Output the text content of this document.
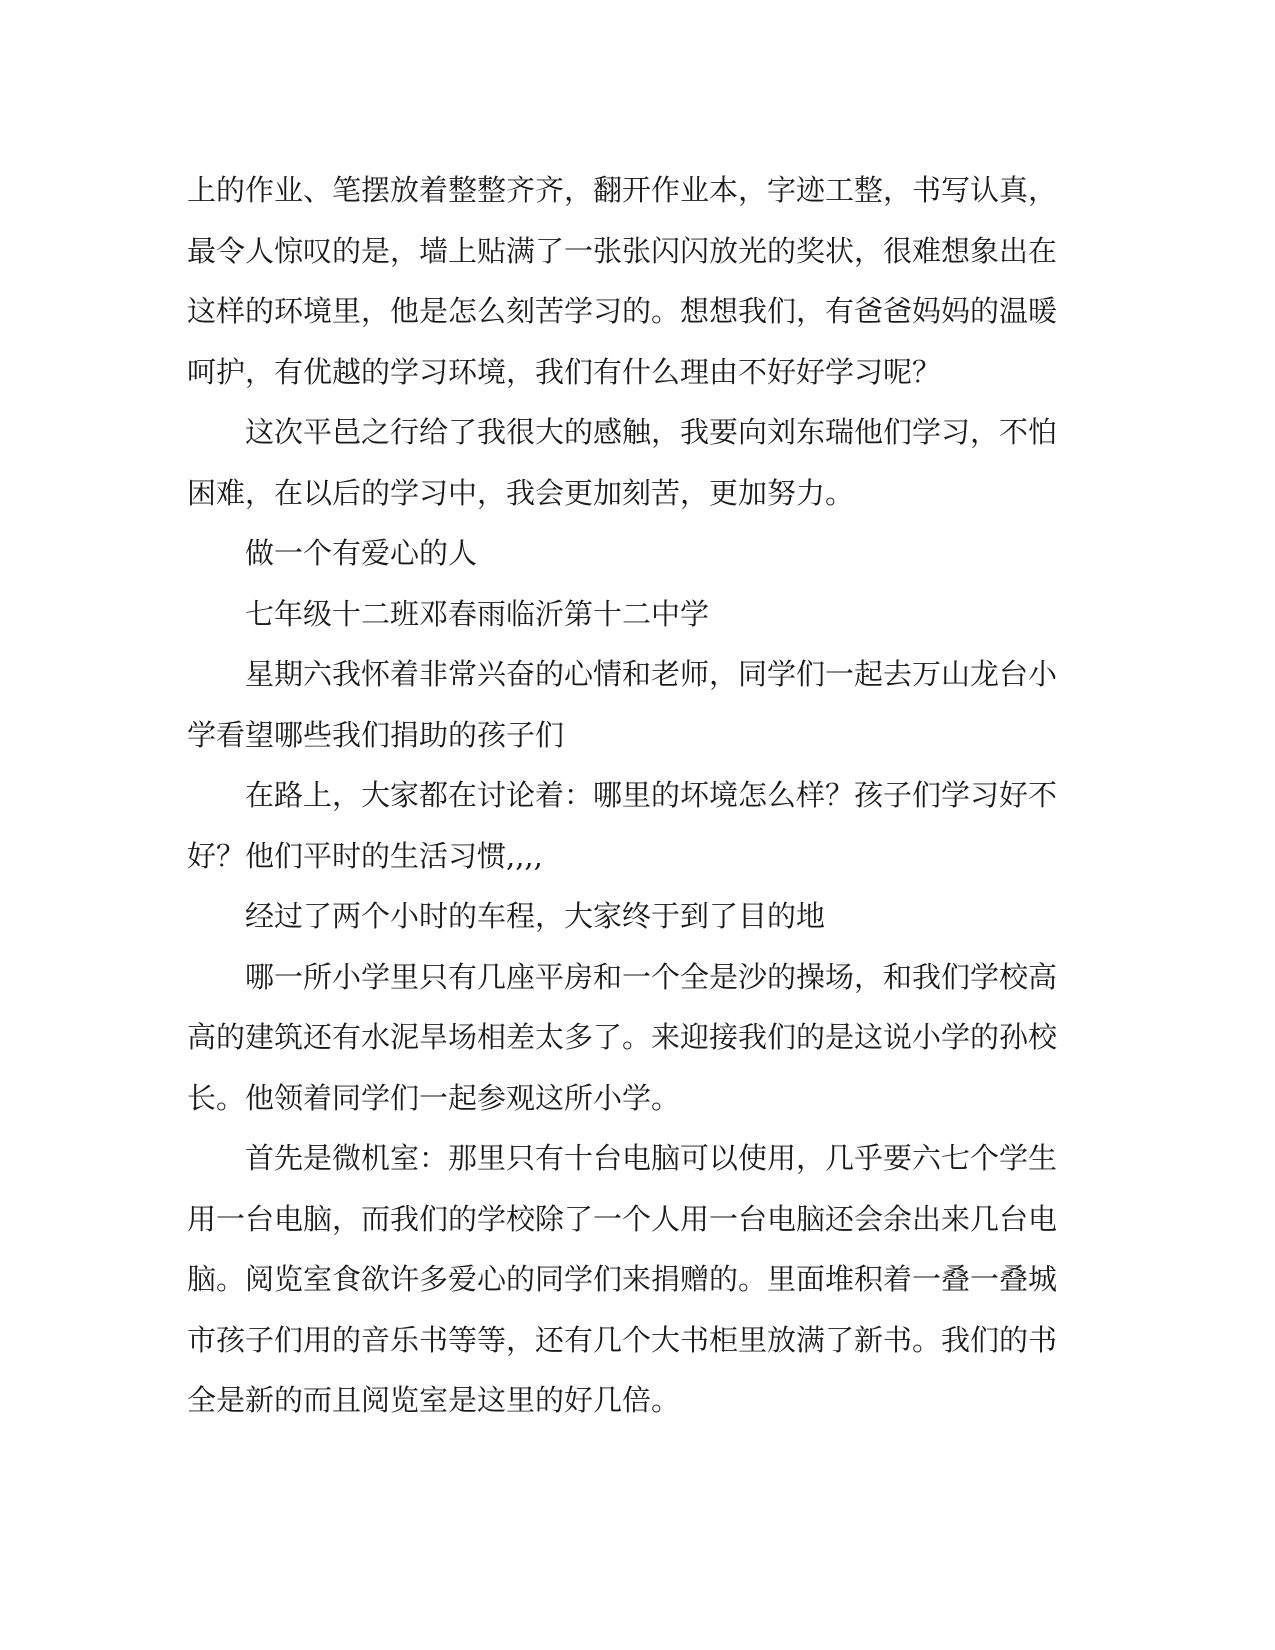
上的作业、笔摆放着整整齐齐，翻开作业本，字迹工整，书写认真，最令人惊叹的是，墙上贴满了一张张闪闪放光的奖状，很难想象出在这样的环境里，他是怎么刻苦学习的。想想我们，有爸爸妈妈的温暖呵护，有优越的学习环境，我们有什么理由不好好学习呢？

这次平邑之行给了我很大的感触，我要向刘东瑞他们学习，不怕困难，在以后的学习中，我会更加刻苦，更加努力。

做一个有爱心的人

七年级十二班邓春雨临沂第十二中学

星期六我怀着非常兴奋的心情和老师，同学们一起去万山龙台小学看望哪些我们捐助的孩子们

在路上，大家都在讨论着：哪里的坏境怎么样？孩子们学习好不好？他们平时的生活习惯,,,,

经过了两个小时的车程，大家终于到了目的地

哪一所小学里只有几座平房和一个全是沙的操场，和我们学校高高的建筑还有水泥旱场相差太多了。来迎接我们的是这说小学的孙校长。他领着同学们一起参观这所小学。

首先是微机室：那里只有十台电脑可以使用，几乎要六七个学生用一台电脑，而我们的学校除了一个人用一台电脑还会余出来几台电脑。阅览室食欲许多爱心的同学们来捐赠的。里面堆积着一叠一叠城市孩子们用的音乐书等等，还有几个大书柜里放满了新书。我们的书全是新的而且阅览室是这里的好几倍。
